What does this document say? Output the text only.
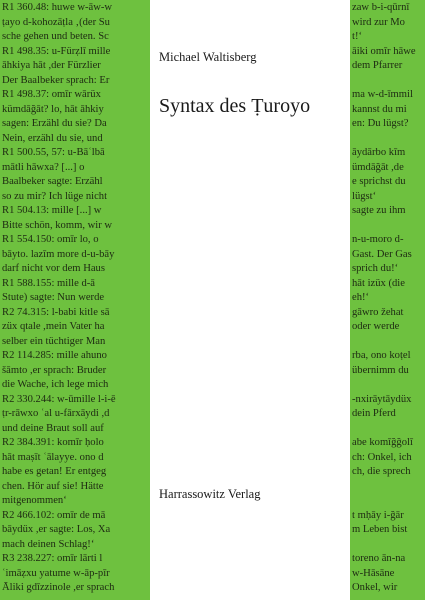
R1 360.48: huwe w-āw-w
ṭayo d-kohozāṭla ‚(der Su
sche gehen und beten. Sc
R1 498.35: u-Fürẓlī mille
āhkiya hāt ,der Fürzlier
Der Baalbeker sprach: Er
R1 498.37: omīr wārüx
kümdāğāt? lo, hāt āhkiy
sagen: Erzähl du sie? Da
Nein, erzähl du sie, und
R1 500.55, 57: u-Bāʿlbā
mātli hāwxa? [...] o
Baalbeker sagte: Erzähl
so zu mir? Ich lüge nicht
R1 504.13: mille [...] w
Bitte schön, komm, wir w
R1 554.150: omīr lo, o
bāyto. lazīm more d-u-bāy
darf nicht vor dem Haus
R1 588.155: mille d-ā
Stute) sagte: Nun werde
R2 74.315: l-babi kitle sā
züx qtale ,mein Vater ha
selber ein tüchtiger Man
R2 114.285: mille ahuno
šāmto ,er sprach: Bruder
die Wache, ich lege mich
R2 330.244: w-ūmille l-i-ē
ṭr-rāwxo ʿal u-fārxāydi ,d
und deine Braut soll auf
R2 384.391: komīr ḥolo
hāt maṣīt ʿālayye. ono d
habe es getan! Er entgeg
chen. Hör auf sie! Hätte
mitgenommen‘
R2 466.102: omīr de mā
bāydüx ,er sagte: Los, Xa
mach deinen Schlag!‘
R3 238.227: omīr lārti l
ʿimāẓxu yatume w-āp-pīr
Āliki gdīzzinole ,er sprach
zaw b-i-qūrnī
wird zur Mo
t!‘
āiki omīr hāwe
dem Pfarrer
ma w-d-īmmil
kannst du mi
en: Du lügst?
āydārbo kīm
ümdāğāt ,de
e sprichst du
lügst‘
sagte zu ihm
n-u-moro d-
Gast. Der Gas
sprich du!‘
hāt izüx (die
eh!‘
gāwro žehat
oder werde
rba, ono koṭel
übernimm du
-nxirāytāydüx
dein Pferd
abe komīğğolī
ch: Onkel, ich
ch, die sprech
t mḥāy i-ğār
m Leben bist
toreno ān-na
w-Hāsāne
Onkel, wir
Michael Waltisberg
Syntax des Ṭuroyo
Harrassowitz Verlag
